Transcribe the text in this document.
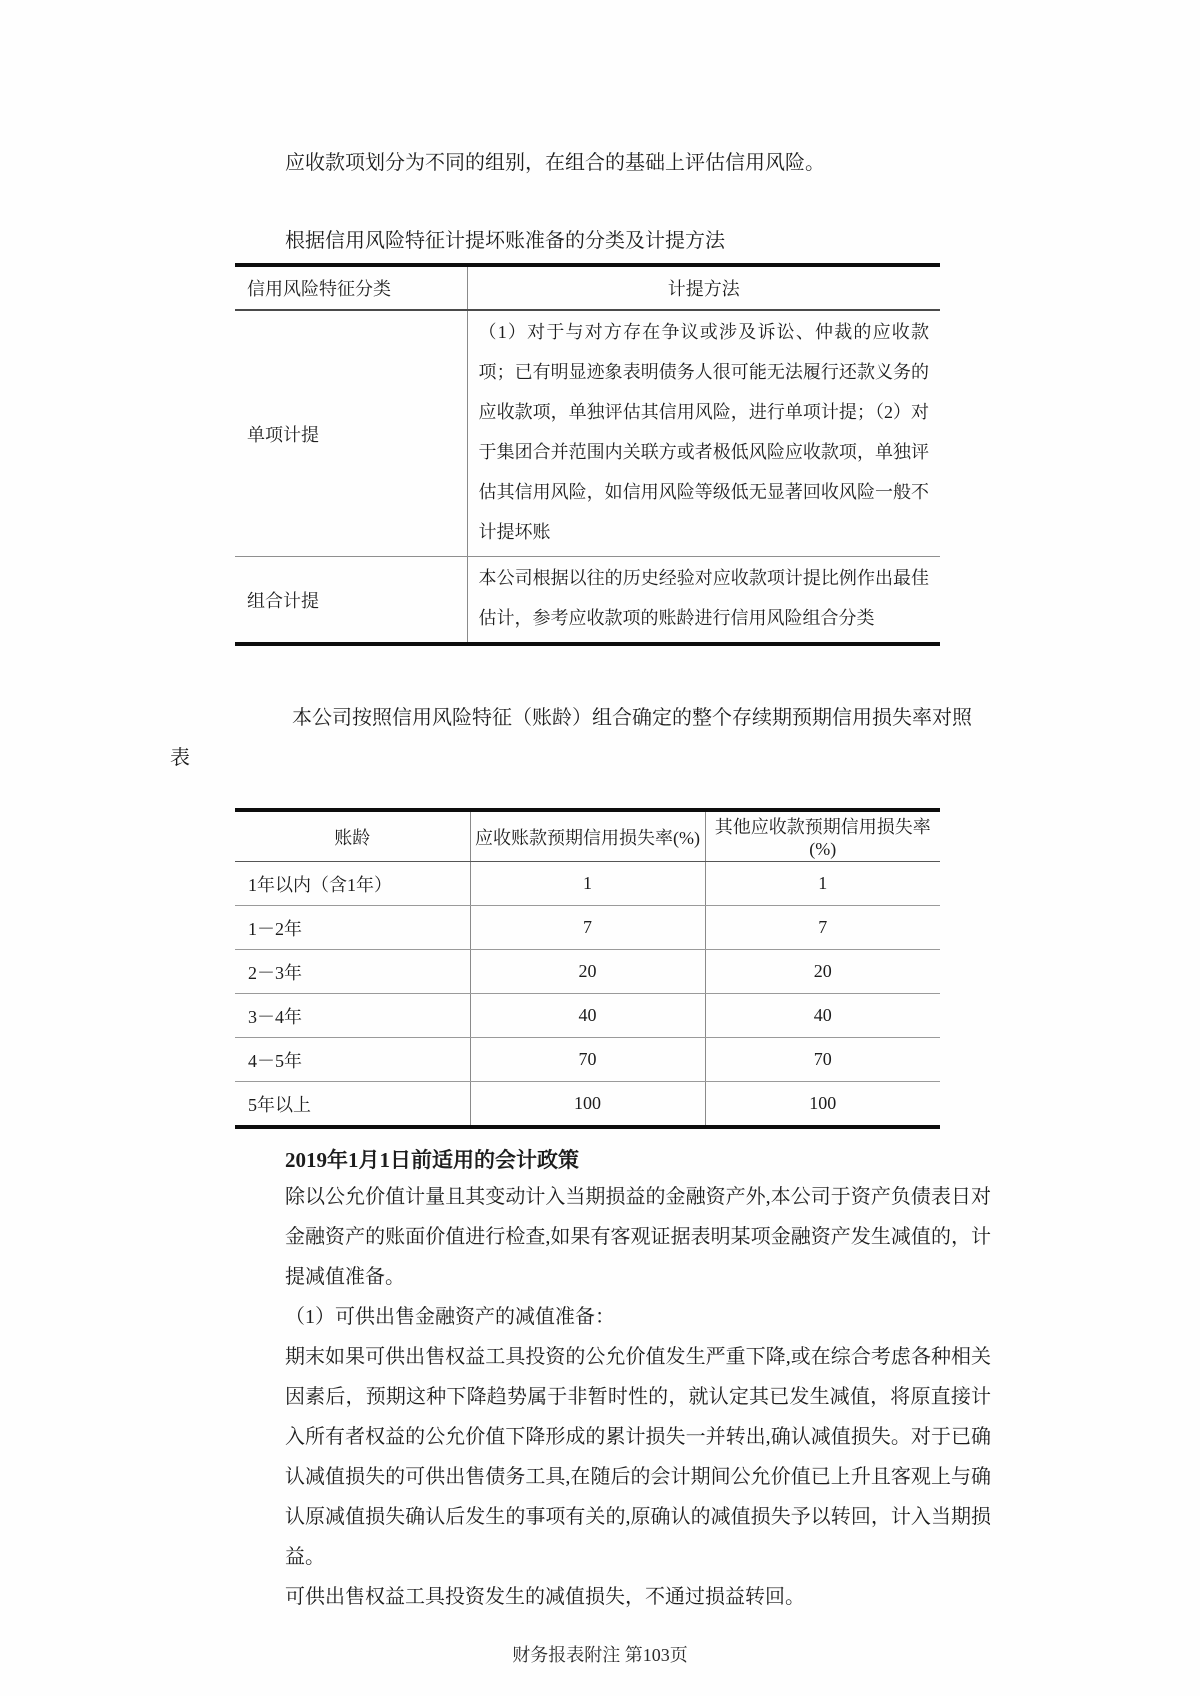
应收款项划分为不同的组别，在组合的基础上评估信用风险。

根据信用风险特征计提坏账准备的分类及计提方法

信用风险特征分类	计提方法
单项计提	（1）对于与对方存在争议或涉及诉讼、仲裁的应收款项；已有明显迹象表明债务人很可能无法履行还款义务的应收款项，单独评估其信用风险，进行单项计提；（2）对于集团合并范围内关联方或者极低风险应收款项，单独评估其信用风险，如信用风险等级低无显著回收风险一般不计提坏账
组合计提	本公司根据以往的历史经验对应收款项计提比例作出最佳估计，参考应收款项的账龄进行信用风险组合分类
本公司按照信用风险特征（账龄）组合确定的整个存续期预期信用损失率对照
表
账龄	应收账款预期信用损失率(%)	其他应收款预期信用损失率(%)
1年以内（含1年）	1	1
1－2年	7	7
2－3年	20	20
3－4年	40	40
4－5年	70	70
5年以上	100	100
2019年1月1日前适用的会计政策

除以公允价值计量且其变动计入当期损益的金融资产外,本公司于资产负债表日对金融资产的账面价值进行检查,如果有客观证据表明某项金融资产发生减值的，计提减值准备。

（1）可供出售金融资产的减值准备：

期末如果可供出售权益工具投资的公允价值发生严重下降,或在综合考虑各种相关因素后，预期这种下降趋势属于非暂时性的，就认定其已发生减值，将原直接计入所有者权益的公允价值下降形成的累计损失一并转出,确认减值损失。对于已确认减值损失的可供出售债务工具,在随后的会计期间公允价值已上升且客观上与确认原减值损失确认后发生的事项有关的,原确认的减值损失予以转回，计入当期损益。

可供出售权益工具投资发生的减值损失，不通过损益转回。

财务报表附注 第103页
